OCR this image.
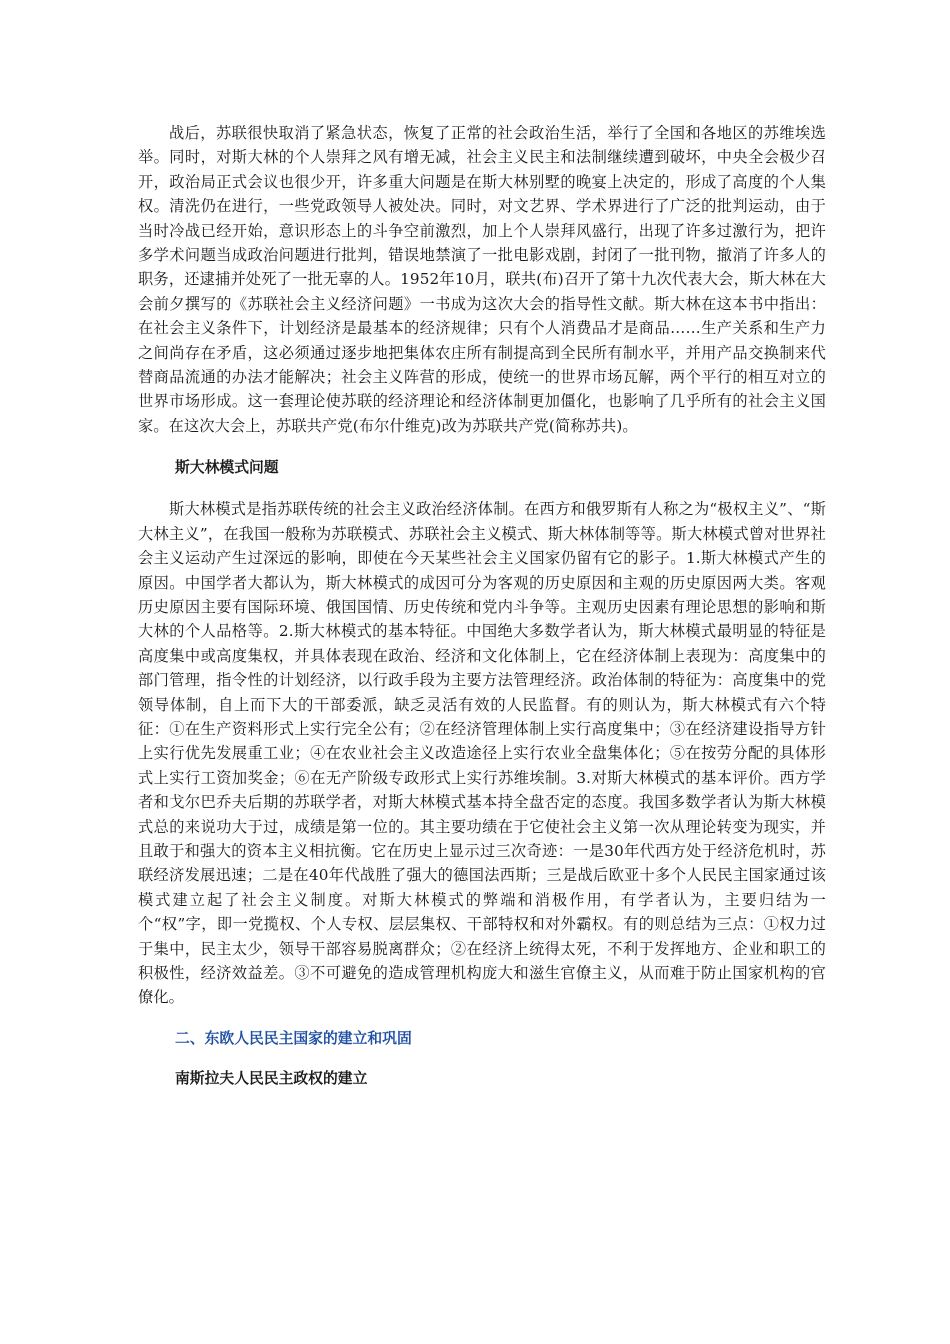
战后，苏联很快取消了紧急状态，恢复了正常的社会政治生活，举行了全国和各地区的苏维埃选举。同时，对斯大林的个人崇拜之风有增无减，社会主义民主和法制继续遭到破坏，中央全会极少召开，政治局正式会议也很少开，许多重大问题是在斯大林别墅的晚宴上决定的，形成了高度的个人集权。清洗仍在进行，一些党政领导人被处决。同时，对文艺界、学术界进行了广泛的批判运动，由于当时冷战已经开始，意识形态上的斗争空前激烈，加上个人崇拜风盛行，出现了许多过激行为，把许多学术问题当成政治问题进行批判，错误地禁演了一批电影戏剧，封闭了一批刊物，撤消了许多人的职务，还逮捕并处死了一批无辜的人。1952年10月，联共(布)召开了第十九次代表大会，斯大林在大会前夕撰写的《苏联社会主义经济问题》一书成为这次大会的指导性文献。斯大林在这本书中指出：在社会主义条件下，计划经济是最基本的经济规律；只有个人消费品才是商品……生产关系和生产力之间尚存在矛盾，这必须通过逐步地把集体农庄所有制提高到全民所有制水平，并用产品交换制来代替商品流通的办法才能解决；社会主义阵营的形成，使统一的世界市场瓦解，两个平行的相互对立的世界市场形成。这一套理论使苏联的经济理论和经济体制更加僵化，也影响了几乎所有的社会主义国家。在这次大会上，苏联共产党(布尔什维克)改为苏联共产党(简称苏共)。

斯大林模式问题

斯大林模式是指苏联传统的社会主义政治经济体制。在西方和俄罗斯有人称之为“极权主义”、“斯大林主义”，在我国一般称为苏联模式、苏联社会主义模式、斯大林体制等等。斯大林模式曾对世界社会主义运动产生过深远的影响，即使在今天某些社会主义国家仍留有它的影子。1.斯大林模式产生的原因。中国学者大都认为，斯大林模式的成因可分为客观的历史原因和主观的历史原因两大类。客观历史原因主要有国际环境、俄国国情、历史传统和党内斗争等。主观历史因素有理论思想的影响和斯大林的个人品格等。2.斯大林模式的基本特征。中国绝大多数学者认为，斯大林模式最明显的特征是高度集中或高度集权，并具体表现在政治、经济和文化体制上，它在经济体制上表现为：高度集中的部门管理，指令性的计划经济，以行政手段为主要方法管理经济。政治体制的特征为：高度集中的党领导体制，自上而下大的干部委派，缺乏灵活有效的人民监督。有的则认为，斯大林模式有六个特征：①在生产资料形式上实行完全公有；②在经济管理体制上实行高度集中；③在经济建设指导方针上实行优先发展重工业；④在农业社会主义改造途径上实行农业全盘集体化；⑤在按劳分配的具体形式上实行工资加奖金；⑥在无产阶级专政形式上实行苏维埃制。3.对斯大林模式的基本评价。西方学者和戈尔巴乔夫后期的苏联学者，对斯大林模式基本持全盘否定的态度。我国多数学者认为斯大林模式总的来说功大于过，成绩是第一位的。其主要功绩在于它使社会主义第一次从理论转变为现实，并且敢于和强大的资本主义相抗衡。它在历史上显示过三次奇迹：一是30年代西方处于经济危机时，苏联经济发展迅速；二是在40年代战胜了强大的德国法西斯；三是战后欧亚十多个人民民主国家通过该模式建立起了社会主义制度。对斯大林模式的弊端和消极作用，有学者认为，主要归结为一个“权”字，即一党揽权、个人专权、层层集权、干部特权和对外霸权。有的则总结为三点：①权力过于集中，民主太少，领导干部容易脱离群众；②在经济上统得太死，不利于发挥地方、企业和职工的积极性，经济效益差。③不可避免的造成管理机构庞大和滋生官僚主义，从而难于防止国家机构的官僚化。

二、东欧人民民主国家的建立和巩固
南斯拉夫人民民主政权的建立
